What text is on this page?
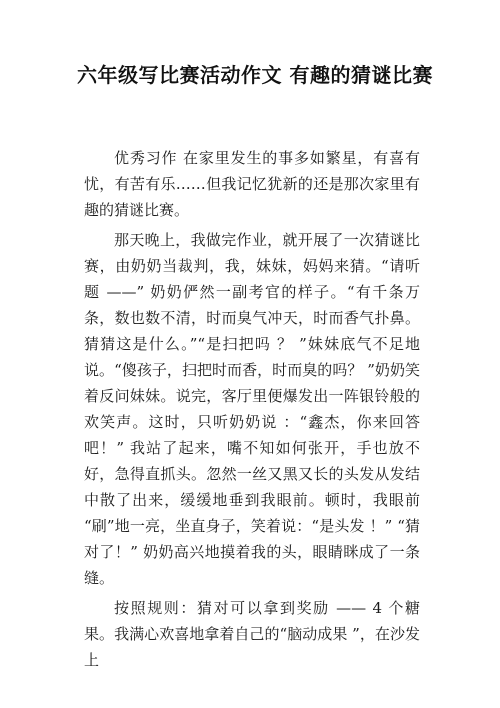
六年级写比赛活动作文 有趣的猜谜比赛

优秀习作 在家里发生的事多如繁星，有喜有忧，有苦有乐……但我记忆犹新的还是那次家里有趣的猜谜比赛。

那天晚上，我做完作业，就开展了一次猜谜比赛，由奶奶当裁判，我，妹妹，妈妈来猜。“请听题 ——” 奶奶俨然一副考官的样子。“有千条万条，数也数不清，时而臭气冲天，时而香气扑鼻。猜猜这是什么。”“是扫把吗 ？ ”妹妹底气不足地说。“傻孩子，扫把时而香，时而臭的吗？ ”奶奶笑着反问妹妹。说完，客厅里便爆发出一阵银铃般的欢笑声。这时，只听奶奶说 ：“鑫杰，你来回答吧！” 我站了起来，嘴不知如何张开，手也放不好，急得直抓头。忽然一丝又黑又长的头发从发结中散了出来，缓缓地垂到我眼前。顿时，我眼前 “刷”地一亮，坐直身子，笑着说：“是头发 ！” “猜对了！” 奶奶高兴地摸着我的头，眼睛眯成了一条缝。

按照规则：猜对可以拿到奖励 —— 4 个糖果。我满心欢喜地拿着自己的“脑动成果 ”，在沙发上
